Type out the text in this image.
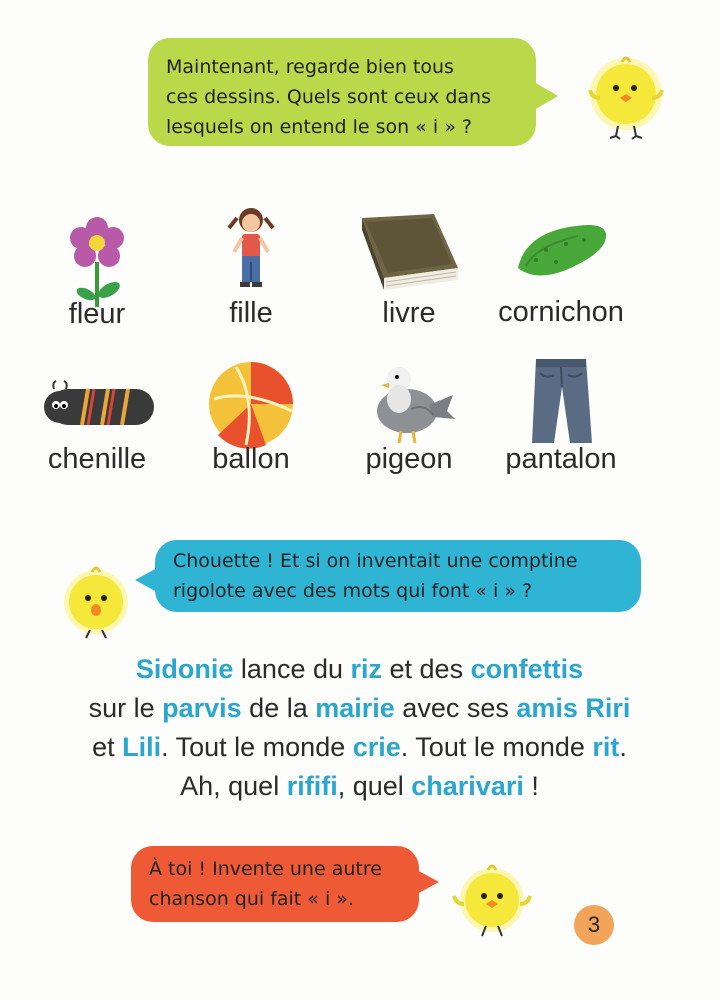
Maintenant, regarde bien tous
ces dessins. Quels sont ceux dans
lesquels on entend le son « i » ?
fleur	fille	livre	cornichon
chenille	ballon	pigeon	pantalon
Chouette ! Et si on inventait une comptine
rigolote avec des mots qui font « i » ?
Sidonie lance du riz et des confettis
sur le parvis de la mairie avec ses amis Riri
et Lili. Tout le monde crie. Tout le monde rit.
Ah, quel rififi, quel charivari !
À toi ! Invente une autre
chanson qui fait « i ».
3
